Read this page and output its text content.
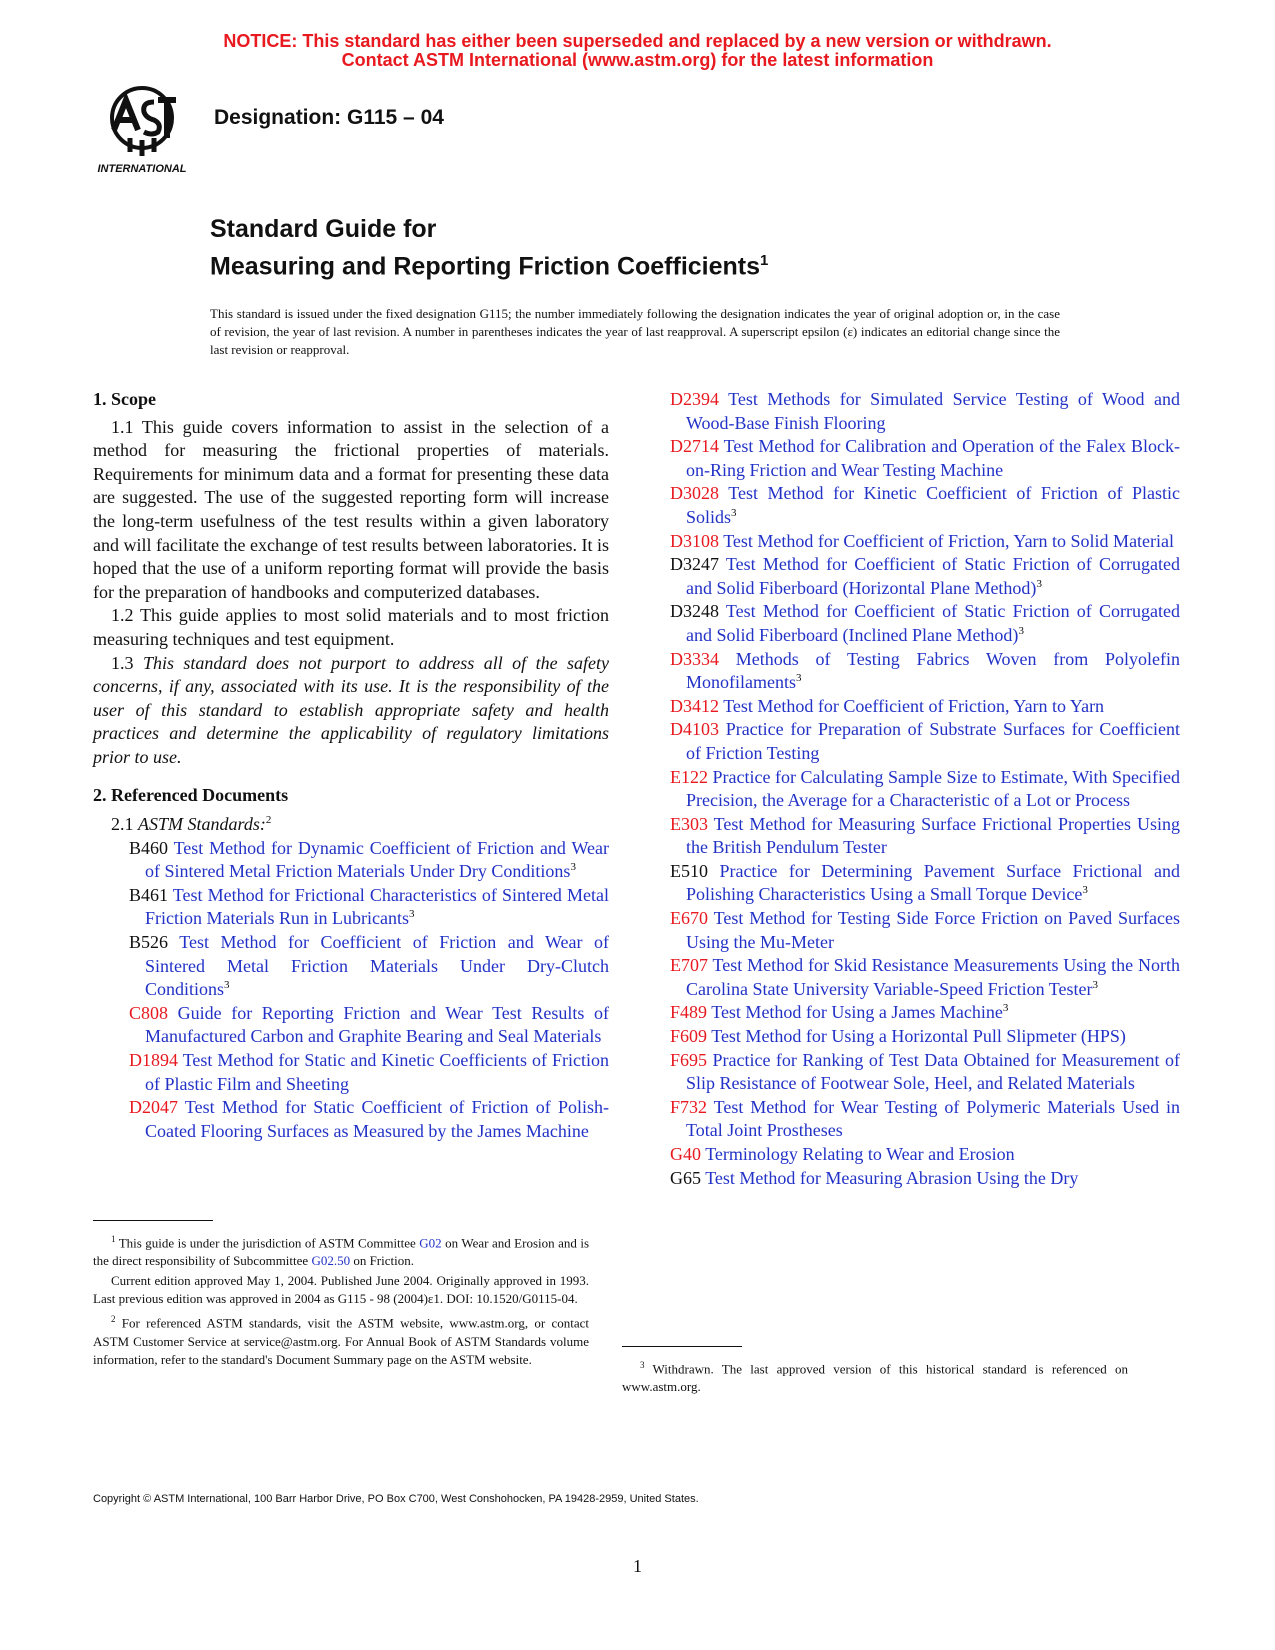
NOTICE: This standard has either been superseded and replaced by a new version or withdrawn.
Contact ASTM International (www.astm.org) for the latest information
INTERNATIONAL
Designation: G115 – 04
Standard Guide for
Measuring and Reporting Friction Coefficients$^1$
This standard is issued under the fixed designation G115; the number immediately following the designation indicates the year of original adoption or, in the case of revision, the year of last revision. A number in parentheses indicates the year of last reapproval. A superscript epsilon (ε) indicates an editorial change since the last revision or reapproval.

1. Scope

1.1 This guide covers information to assist in the selection of a method for measuring the frictional properties of materials. Requirements for minimum data and a format for presenting these data are suggested. The use of the suggested reporting form will increase the long-term usefulness of the test results within a given laboratory and will facilitate the exchange of test results between laboratories. It is hoped that the use of a uniform reporting format will provide the basis for the preparation of handbooks and computerized databases.

1.2 This guide applies to most solid materials and to most friction measuring techniques and test equipment.

1.3 This standard does not purport to address all of the safety concerns, if any, associated with its use. It is the responsibility of the user of this standard to establish appropriate safety and health practices and determine the applicability of regulatory limitations prior to use.

2. Referenced Documents

2.1 ASTM Standards:$^2$

B460 Test Method for Dynamic Coefficient of Friction and Wear of Sintered Metal Friction Materials Under Dry Conditions$^3$

B461 Test Method for Frictional Characteristics of Sintered Metal Friction Materials Run in Lubricants$^3$

B526 Test Method for Coefficient of Friction and Wear of Sintered Metal Friction Materials Under Dry-Clutch Conditions$^3$

C808 Guide for Reporting Friction and Wear Test Results of Manufactured Carbon and Graphite Bearing and Seal Materials

D1894 Test Method for Static and Kinetic Coefficients of Friction of Plastic Film and Sheeting

D2047 Test Method for Static Coefficient of Friction of Polish-Coated Flooring Surfaces as Measured by the James Machine

D2394 Test Methods for Simulated Service Testing of Wood and Wood-Base Finish Flooring

D2714 Test Method for Calibration and Operation of the Falex Block-on-Ring Friction and Wear Testing Machine

D3028 Test Method for Kinetic Coefficient of Friction of Plastic Solids$^3$

D3108 Test Method for Coefficient of Friction, Yarn to Solid Material

D3247 Test Method for Coefficient of Static Friction of Corrugated and Solid Fiberboard (Horizontal Plane Method)$^3$

D3248 Test Method for Coefficient of Static Friction of Corrugated and Solid Fiberboard (Inclined Plane Method)$^3$

D3334 Methods of Testing Fabrics Woven from Polyolefin Monofilaments$^3$

D3412 Test Method for Coefficient of Friction, Yarn to Yarn

D4103 Practice for Preparation of Substrate Surfaces for Coefficient of Friction Testing

E122 Practice for Calculating Sample Size to Estimate, With Specified Precision, the Average for a Characteristic of a Lot or Process

E303 Test Method for Measuring Surface Frictional Properties Using the British Pendulum Tester

E510 Practice for Determining Pavement Surface Frictional and Polishing Characteristics Using a Small Torque Device$^3$

E670 Test Method for Testing Side Force Friction on Paved Surfaces Using the Mu-Meter

E707 Test Method for Skid Resistance Measurements Using the North Carolina State University Variable-Speed Friction Tester$^3$

F489 Test Method for Using a James Machine$^3$

F609 Test Method for Using a Horizontal Pull Slipmeter (HPS)

F695 Practice for Ranking of Test Data Obtained for Measurement of Slip Resistance of Footwear Sole, Heel, and Related Materials

F732 Test Method for Wear Testing of Polymeric Materials Used in Total Joint Prostheses

G40 Terminology Relating to Wear and Erosion

G65 Test Method for Measuring Abrasion Using the Dry

$^1$ This guide is under the jurisdiction of ASTM Committee G02 on Wear and Erosion and is the direct responsibility of Subcommittee G02.50 on Friction.

Current edition approved May 1, 2004. Published June 2004. Originally approved in 1993. Last previous edition was approved in 2004 as G115 - 98 (2004)ε1. DOI: 10.1520/G0115-04.

$^2$ For referenced ASTM standards, visit the ASTM website, www.astm.org, or contact ASTM Customer Service at service@astm.org. For Annual Book of ASTM Standards volume information, refer to the standard's Document Summary page on the ASTM website.	$^3$ Withdrawn. The last approved version of this historical standard is referenced on www.astm.org.

Copyright © ASTM International, 100 Barr Harbor Drive, PO Box C700, West Conshohocken, PA 19428-2959, United States.
1
